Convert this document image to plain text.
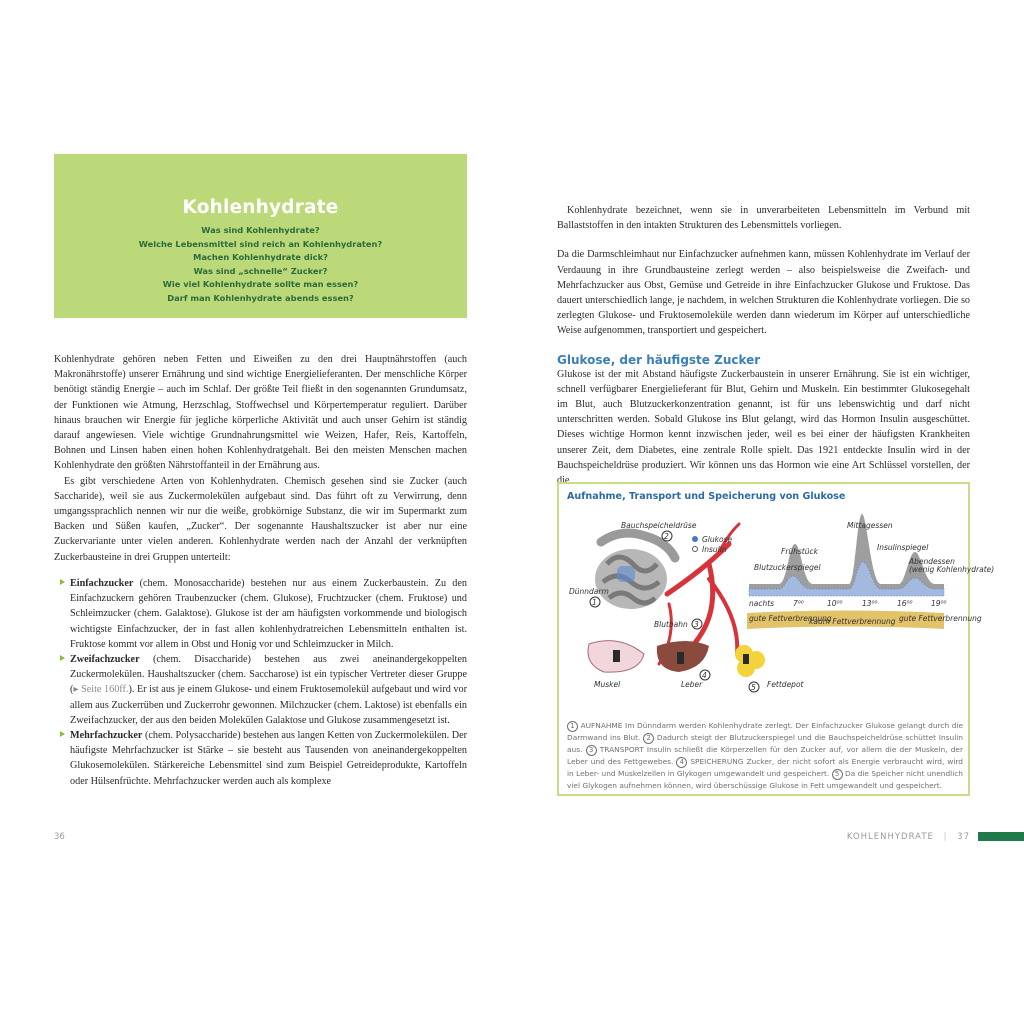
Kohlenhydrate
Was sind Kohlenhydrate?
Welche Lebensmittel sind reich an Kohlenhydraten?
Machen Kohlenhydrate dick?
Was sind „schnelle“ Zucker?
Wie viel Kohlenhydrate sollte man essen?
Darf man Kohlenhydrate abends essen?

Kohlenhydrate gehören neben Fetten und Eiweißen zu den drei Hauptnährstoffen (auch Makronährstoffe) unserer Ernährung und sind wichtige Energielieferanten. Der menschliche Körper benötigt ständig Energie – auch im Schlaf. Der größte Teil fließt in den sogenannten Grundumsatz, der Funktionen wie Atmung, Herzschlag, Stoffwechsel und Körpertemperatur reguliert. Darüber hinaus brauchen wir Energie für jegliche körperliche Aktivität und auch unser Gehirn ist ständig darauf angewiesen. Viele wichtige Grundnahrungsmittel wie Weizen, Hafer, Reis, Kartoffeln, Bohnen und Linsen haben einen hohen Kohlenhydratgehalt. Bei den meisten Menschen machen Kohlenhydrate den größten Nährstoffanteil in der Ernährung aus.

Es gibt verschiedene Arten von Kohlenhydraten. Chemisch gesehen sind sie Zucker (auch Saccharide), weil sie aus Zuckermolekülen aufgebaut sind. Das führt oft zu Verwirrung, denn umgangssprachlich nennen wir nur die weiße, grobkörnige Substanz, die wir im Supermarkt zum Backen und Süßen kaufen, „Zucker“. Der sogenannte Haushaltszucker ist aber nur eine Zuckervariante unter vielen anderen. Kohlenhydrate werden nach der Anzahl der verknüpften Zuckerbausteine in drei Gruppen unterteilt:

Einfachzucker (chem. Monosaccharide) bestehen nur aus einem Zuckerbaustein. Zu den Einfachzuckern gehören Traubenzucker (chem. Glukose), Fruchtzucker (chem. Fruktose) und Schleimzucker (chem. Galaktose). Glukose ist der am häufigsten vorkommende und biologisch wichtigste Einfachzucker, der in fast allen kohlenhydratreichen Lebensmitteln enthalten ist. Fruktose kommt vor allem in Obst und Honig vor und Schleimzucker in Milch.
Zweifachzucker (chem. Disaccharide) bestehen aus zwei aneinandergekoppelten Zuckermolekülen. Haushaltszucker (chem. Saccharose) ist ein typischer Vertreter dieser Gruppe (▸ Seite 160ff.). Er ist aus je einem Glukose- und einem Fruktosemolekül aufgebaut und wird vor allem aus Zuckerrüben und Zuckerrohr gewonnen. Milchzucker (chem. Laktose) ist ebenfalls ein Zweifachzucker, der aus den beiden Molekülen Galaktose und Glukose zusammengesetzt ist.
Mehrfachzucker (chem. Polysaccharide) bestehen aus langen Ketten von Zuckermolekülen. Der häufigste Mehrfachzucker ist Stärke – sie besteht aus Tausenden von aneinandergekoppelten Glukosemolekülen. Stärkereiche Lebensmittel sind zum Beispiel Getreideprodukte, Kartoffeln oder Hülsenfrüchte. Mehrfachzucker werden auch als komplexe
36

Kohlenhydrate bezeichnet, wenn sie in unverarbeiteten Lebensmitteln im Verbund mit Ballaststoffen in den intakten Strukturen des Lebensmittels vorliegen.

Da die Darmschleimhaut nur Einfachzucker aufnehmen kann, müssen Kohlenhydrate im Verlauf der Verdauung in ihre Grundbausteine zerlegt werden – also beispielsweise die Zweifach- und Mehrfachzucker aus Obst, Gemüse und Getreide in ihre Einfachzucker Glukose und Fruktose. Das dauert unterschiedlich lange, je nachdem, in welchen Strukturen die Kohlenhydrate vorliegen. Die so zerlegten Glukose- und Fruktosemoleküle werden dann wiederum im Körper auf unterschiedliche Weise aufgenommen, transportiert und gespeichert.

Glukose, der häufigste Zucker

Glukose ist der mit Abstand häufigste Zuckerbaustein in unserer Ernährung. Sie ist ein wichtiger, schnell verfügbarer Energielieferant für Blut, Gehirn und Muskeln. Ein bestimmter Glukosegehalt im Blut, auch Blutzuckerkonzentration genannt, ist für uns lebenswichtig und darf nicht unterschritten werden. Sobald Glukose ins Blut gelangt, wird das Hormon Insulin ausgeschüttet. Dieses wichtige Hormon kennt inzwischen jeder, weil es bei einer der häufigsten Krankheiten unserer Zeit, dem Diabetes, eine zentrale Rolle spielt. Das 1921 entdeckte Insulin wird in der Bauchspeicheldrüse produziert. Wir können uns das Hormon wie eine Art Schlüssel vorstellen, der die

Aufnahme, Transport und Speicherung von Glukose
Bauchspeicheldrüse
2	Glukose
Insulin
Dünndarm
1
Blutbahn 3
Muskel	Leber
4
5 Fettdepot
Blutzuckerspiegel
Frühstück
Mittagessen
Insulinspiegel
Abendessen
(wenig Kohlenhydrate)
nachts	7⁰⁰	10⁰⁰	13⁰⁰	16⁰⁰ 19⁰⁰
gute Fettverbrennung
kaum Fettverbrennung gute Fettverbrennung
1 AUFNAHME Im Dünndarm werden Kohlenhydrate zerlegt. Der Einfachzucker Glukose gelangt durch die Darmwand ins Blut. 2 Dadurch steigt der Blutzuckerspiegel und die Bauchspeicheldrüse schüttet Insulin aus. 3 TRANSPORT Insulin schließt die Körperzellen für den Zucker auf, vor allem die der Muskeln, der Leber und des Fettgewebes. 4 SPEICHERUNG Zucker, der nicht sofort als Energie verbraucht wird, wird in Leber- und Muskelzellen in Glykogen umgewandelt und gespeichert. 5 Da die Speicher nicht unendlich viel Glykogen aufnehmen können, wird überschüssige Glukose in Fett umgewandelt und gespeichert.
KOHLENHYDRATE | 37
